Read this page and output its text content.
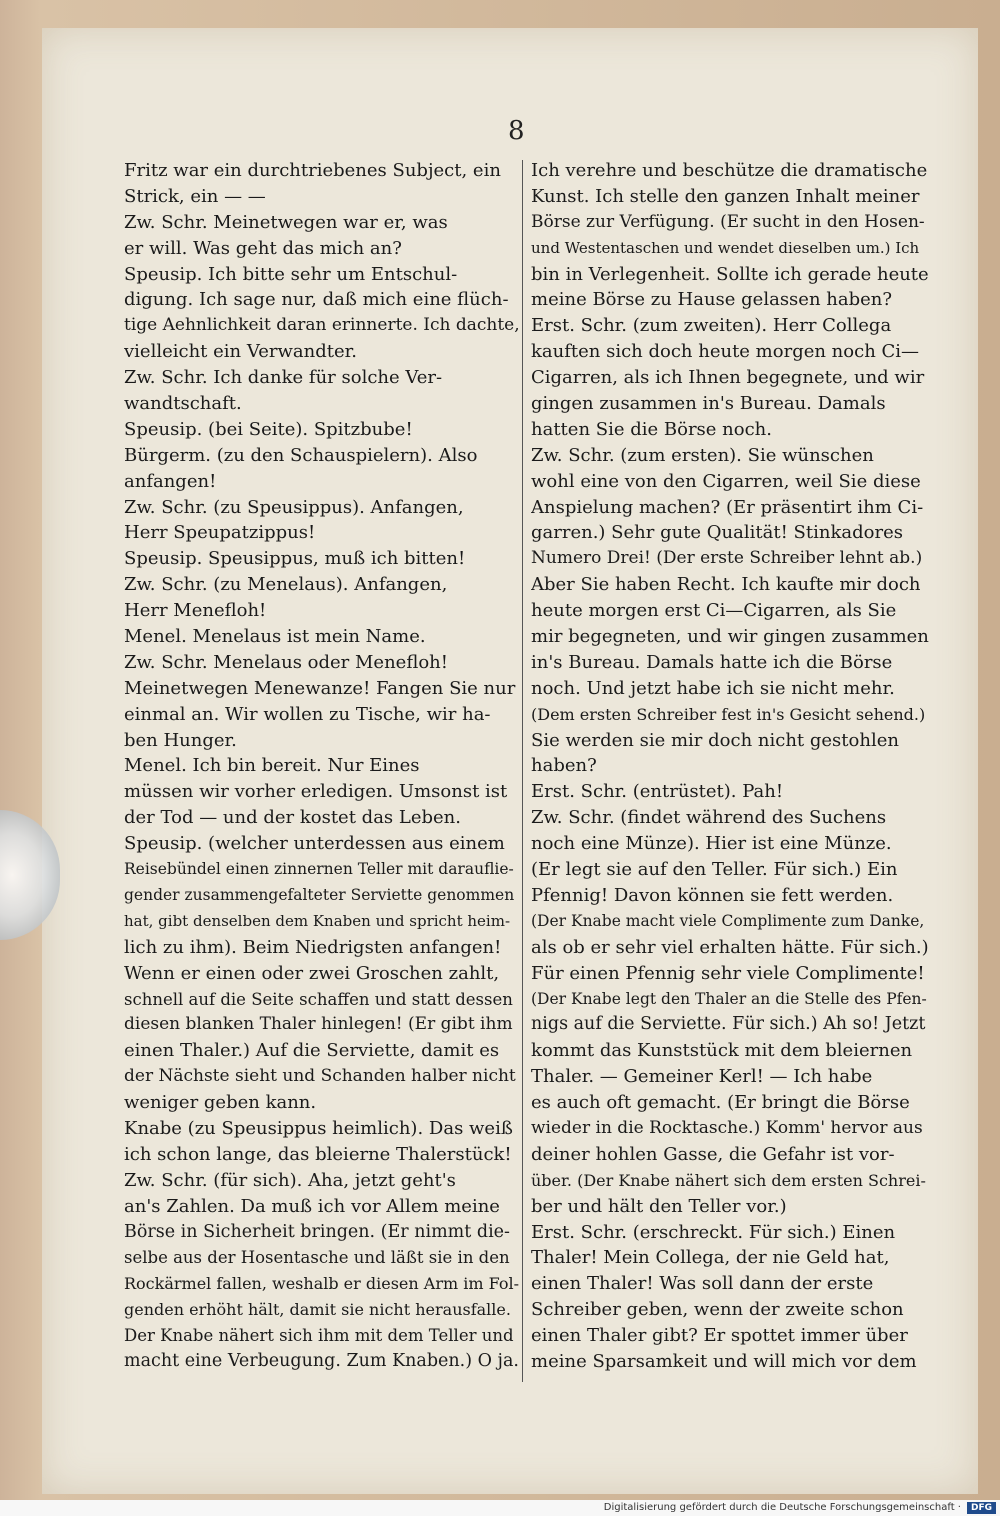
8
Fritz war ein durchtriebenes Subject, ein
Strick, ein — —
Zw. Schr. Meinetwegen war er, was
er will. Was geht das mich an?
Speusip. Ich bitte sehr um Entschul-
digung. Ich sage nur, daß mich eine flüch-
tige Aehnlichkeit daran erinnerte. Ich dachte,
vielleicht ein Verwandter.
Zw. Schr. Ich danke für solche Ver-
wandtschaft.
Speusip. (bei Seite). Spitzbube!
Bürgerm. (zu den Schauspielern). Also
anfangen!
Zw. Schr. (zu Speusippus). Anfangen,
Herr Speupatzippus!
Speusip. Speusippus, muß ich bitten!
Zw. Schr. (zu Menelaus). Anfangen,
Herr Menefloh!
Menel. Menelaus ist mein Name.
Zw. Schr. Menelaus oder Menefloh!
Meinetwegen Menewanze! Fangen Sie nur
einmal an. Wir wollen zu Tische, wir ha-
ben Hunger.
Menel. Ich bin bereit. Nur Eines
müssen wir vorher erledigen. Umsonst ist
der Tod — und der kostet das Leben.
Speusip. (welcher unterdessen aus einem
Reisebündel einen zinnernen Teller mit daraufliе-
gender zusammengefalteter Serviette genommen
hat, gibt denselben dem Knaben und spricht heim-
lich zu ihm). Beim Niedrigsten anfangen!
Wenn er einen oder zwei Groschen zahlt,
schnell auf die Seite schaffen und statt dessen
diesen blanken Thaler hinlegen! (Er gibt ihm
einen Thaler.) Auf die Serviette, damit es
der Nächste sieht und Schanden halber nicht
weniger geben kann.
Knabe (zu Speusippus heimlich). Das weiß
ich schon lange, das bleierne Thalerstück!
Zw. Schr. (für sich). Aha, jetzt geht's
an's Zahlen. Da muß ich vor Allem meine
Börse in Sicherheit bringen. (Er nimmt die-
selbe aus der Hosentasche und läßt sie in den
Rockärmel fallen, weshalb er diesen Arm im Fol-
genden erhöht hält, damit sie nicht herausfalle.
Der Knabe nähert sich ihm mit dem Teller und
macht eine Verbeugung. Zum Knaben.) O ja.
Ich verehre und beschütze die dramatische
Kunst. Ich stelle den ganzen Inhalt meiner
Börse zur Verfügung. (Er sucht in den Hosen-
und Westentaschen und wendet dieselben um.) Ich
bin in Verlegenheit. Sollte ich gerade heute
meine Börse zu Hause gelassen haben?
Erst. Schr. (zum zweiten). Herr Collega
kauften sich doch heute morgen noch Ci—
Cigarren, als ich Ihnen begegnete, und wir
gingen zusammen in's Bureau. Damals
hatten Sie die Börse noch.
Zw. Schr. (zum ersten). Sie wünschen
wohl eine von den Cigarren, weil Sie diese
Anspielung machen? (Er präsentirt ihm Ci-
garren.) Sehr gute Qualität! Stinkadores
Numero Drei! (Der erste Schreiber lehnt ab.)
Aber Sie haben Recht. Ich kaufte mir doch
heute morgen erst Ci—Cigarren, als Sie
mir begegneten, und wir gingen zusammen
in's Bureau. Damals hatte ich die Börse
noch. Und jetzt habe ich sie nicht mehr.
(Dem ersten Schreiber fest in's Gesicht sehend.)
Sie werden sie mir doch nicht gestohlen
haben?
Erst. Schr. (entrüstet). Pah!
Zw. Schr. (findet während des Suchens
noch eine Münze). Hier ist eine Münze.
(Er legt sie auf den Teller. Für sich.) Ein
Pfennig! Davon können sie fett werden.
(Der Knabe macht viele Complimente zum Danke,
als ob er sehr viel erhalten hätte. Für sich.)
Für einen Pfennig sehr viele Complimente!
(Der Knabe legt den Thaler an die Stelle des Pfen-
nigs auf die Serviette. Für sich.) Ah so! Jetzt
kommt das Kunststück mit dem bleiernen
Thaler. — Gemeiner Kerl! — Ich habe
es auch oft gemacht. (Er bringt die Börse
wieder in die Rocktasche.) Komm' hervor aus
deiner hohlen Gasse, die Gefahr ist vor-
über. (Der Knabe nähert sich dem ersten Schrei-
ber und hält den Teller vor.)
Erst. Schr. (erschreckt. Für sich.) Einen
Thaler! Mein Collega, der nie Geld hat,
einen Thaler! Was soll dann der erste
Schreiber geben, wenn der zweite schon
einen Thaler gibt? Er spottet immer über
meine Sparsamkeit und will mich vor dem
Digitalisierung gefördert durch die Deutsche Forschungsgemeinschaft · DFG
